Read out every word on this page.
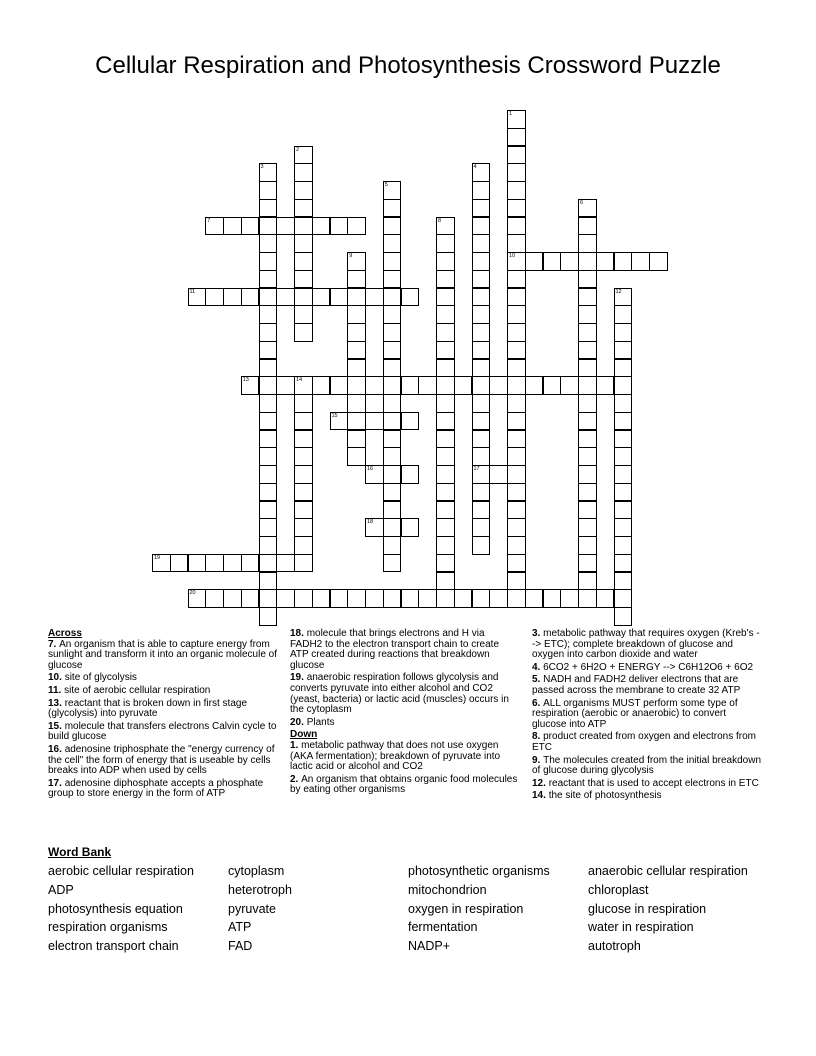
Cellular Respiration and Photosynthesis Crossword Puzzle
1
10
2
3	4
17
5
6
7	8
9
11	12
13	14
15
16
18
19
20
Across
7. An organism that is able to capture energy from sunlight and transform it into an organic molecule of glucose
10. site of glycolysis
11. site of aerobic cellular respiration
13. reactant that is broken down in first stage (glycolysis) into pyruvate
15. molecule that transfers electrons Calvin cycle to build glucose
16. adenosine triphosphate the "energy currency of the cell" the form of energy that is useable by cells breaks into ADP when used by cells
17. adenosine diphosphate accepts a phosphate group to store energy in the form of ATP
18. molecule that brings electrons and H via FADH2 to the electron transport chain to create ATP created during reactions that breakdown glucose
19. anaerobic respiration follows glycolysis and converts pyruvate into either alcohol and CO2 (yeast, bacteria) or lactic acid (muscles) occurs in the cytoplasm
20. Plants
Down
1. metabolic pathway that does not use oxygen (AKA fermentation); breakdown of pyruvate into lactic acid or alcohol and CO2
2. An organism that obtains organic food molecules by eating other organisms
3. metabolic pathway that requires oxygen (Kreb's --> ETC); complete breakdown of glucose and oxygen into carbon dioxide and water
4. 6CO2 + 6H2O + ENERGY --> C6H12O6 + 6O2
5. NADH and FADH2 deliver electrons that are passed across the membrane to create 32 ATP
6. ALL organisms MUST perform some type of respiration (aerobic or anaerobic) to convert glucose into ATP
8. product created from oxygen and electrons from ETC
9. The molecules created from the initial breakdown of glucose during glycolysis
12. reactant that is used to accept electrons in ETC
14. the site of photosynthesis
Word Bank
aerobic cellular respiration	cytoplasm	photosynthetic organisms	anaerobic cellular respiration
ADP	heterotroph	mitochondrion	chloroplast
photosynthesis equation	pyruvate	oxygen in respiration	glucose in respiration
respiration organisms	ATP	fermentation	water in respiration
electron transport chain	FAD	NADP+	autotroph
